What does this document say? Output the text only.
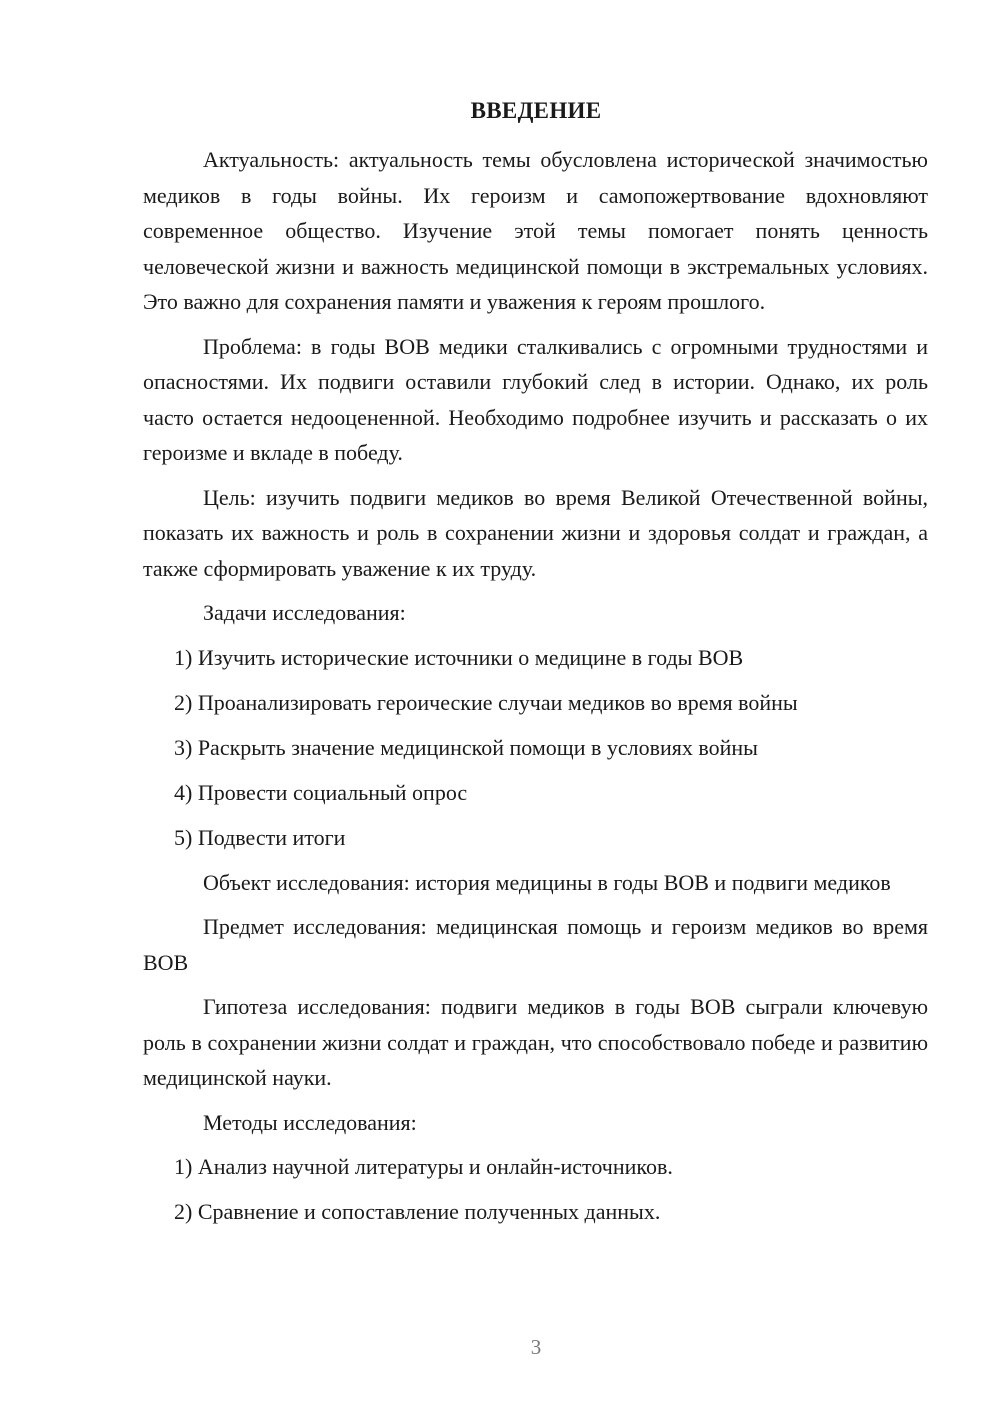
ВВЕДЕНИЕ

Актуальность: актуальность темы обусловлена исторической значимостью медиков в годы войны. Их героизм и самопожертвование вдохновляют современное общество. Изучение этой темы помогает понять ценность человеческой жизни и важность медицинской помощи в экстремальных условиях. Это важно для сохранения памяти и уважения к героям прошлого.

Проблема: в годы ВОВ медики сталкивались с огромными трудностями и опасностями. Их подвиги оставили глубокий след в истории. Однако, их роль часто остается недооцененной. Необходимо подробнее изучить и рассказать о их героизме и вкладе в победу.

Цель: изучить подвиги медиков во время Великой Отечественной войны, показать их важность и роль в сохранении жизни и здоровья солдат и граждан, а также сформировать уважение к их труду.

Задачи исследования:

1) Изучить исторические источники о медицине в годы ВОВ
2) Проанализировать героические случаи медиков во время войны
3) Раскрыть значение медицинской помощи в условиях войны
4) Провести социальный опрос
5) Подвести итоги

Объект исследования: история медицины в годы ВОВ и подвиги медиков

Предмет исследования: медицинская помощь и героизм медиков во время ВОВ

Гипотеза исследования: подвиги медиков в годы ВОВ сыграли ключевую роль в сохранении жизни солдат и граждан, что способствовало победе и развитию медицинской науки.

Методы исследования:

1) Анализ научной литературы и онлайн-источников.
2) Сравнение и сопоставление полученных данных.
3
